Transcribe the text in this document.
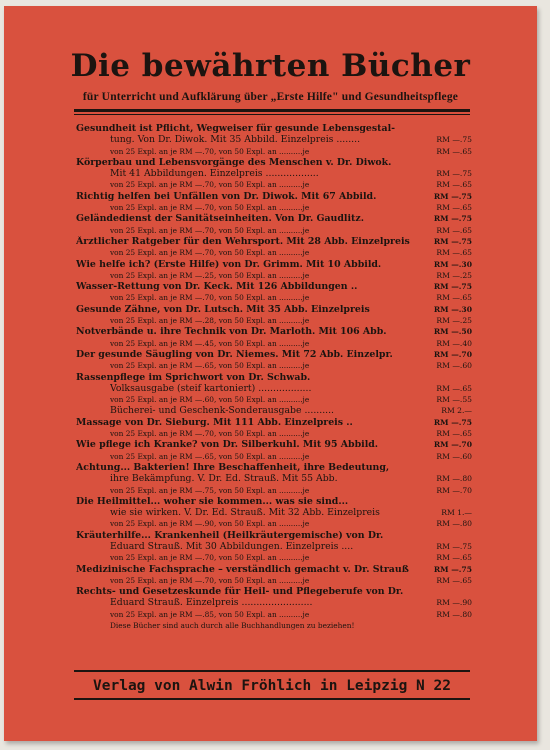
Die bewährten Bücher
für Unterricht und Aufklärung über „Erste Hilfe" und Gesundheitspflege
Gesundheit ist Pflicht, Wegweiser für gesunde Lebensgestal-
tung. Von Dr. Diwok. Mit 35 Abbild. Einzelpreis ........	RM —.75
von 25 Expl. an je RM —.70, von 50 Expl. an ..........je	RM —.65
Körperbau und Lebensvorgänge des Menschen v. Dr. Diwok.
Mit 41 Abbildungen. Einzelpreis ..................	RM —.75
von 25 Expl. an je RM —.70, von 50 Expl. an ..........je	RM —.65
Richtig helfen bei Unfällen von Dr. Diwok. Mit 67 Abbild.	RM —.75
von 25 Expl. an je RM —.70, von 50 Expl. an ..........je	RM —.65
Geländedienst der Sanitätseinheiten. Von Dr. Gaudlitz.	RM —.75
von 25 Expl. an je RM —.70, von 50 Expl. an ..........je	RM —.65
Ärztlicher Ratgeber für den Wehrsport. Mit 28 Abb. Einzelpreis	RM —.75
von 25 Expl. an je RM —.70, von 50 Expl. an ..........je	RM —.65
Wie helfe ich? (Erste Hilfe) von Dr. Grimm. Mit 10 Abbild.	RM —.30
von 25 Expl. an je RM —.25, von 50 Expl. an ..........je	RM —.25
Wasser-Rettung von Dr. Keck. Mit 126 Abbildungen ..	RM —.75
von 25 Expl. an je RM —.70, von 50 Expl. an ..........je	RM —.65
Gesunde Zähne, von Dr. Lutsch. Mit 35 Abb. Einzelpreis	RM —.30
von 25 Expl. an je RM —.28, von 50 Expl. an ..........je	RM —.25
Notverbände u. ihre Technik von Dr. Marloth. Mit 106 Abb.	RM —.50
von 25 Expl. an je RM —.45, von 50 Expl. an ..........je	RM —.40
Der gesunde Säugling von Dr. Niemes. Mit 72 Abb. Einzelpr.	RM —.70
von 25 Expl. an je RM —.65, von 50 Expl. an ..........je	RM —.60
Rassenpflege im Sprichwort von Dr. Schwab.
Volksausgabe (steif kartoniert) ..................	RM —.65
von 25 Expl. an je RM —.60, von 50 Expl. an ..........je	RM —.55
Bücherei- und Geschenk-Sonderausgabe ..........	RM 2.—
Massage von Dr. Sieburg. Mit 111 Abb. Einzelpreis ..	RM —.75
von 25 Expl. an je RM —.70, von 50 Expl. an ..........je	RM —.65
Wie pflege ich Kranke? von Dr. Silberkuhl. Mit 95 Abbild.	RM —.70
von 25 Expl. an je RM —.65, von 50 Expl. an ..........je	RM —.60
Achtung... Bakterien! Ihre Beschaffenheit, ihre Bedeutung,
ihre Bekämpfung. V. Dr. Ed. Strauß. Mit 55 Abb.	RM —.80
von 25 Expl. an je RM —.75, von 50 Expl. an ..........je	RM —.70
Die Heilmittel... woher sie kommen... was sie sind...
wie sie wirken. V. Dr. Ed. Strauß. Mit 32 Abb. Einzelpreis	RM 1.—
von 25 Expl. an je RM —.90, von 50 Expl. an ..........je	RM —.80
Kräuterhilfe... Krankenheil (Heilkräutergemische) von Dr.
Eduard Strauß. Mit 30 Abbildungen. Einzelpreis ....	RM —.75
von 25 Expl. an je RM —.70, von 50 Expl. an ..........je	RM —.65
Medizinische Fachsprache – verständlich gemacht v. Dr. Strauß	RM —.75
von 25 Expl. an je RM —.70, von 50 Expl. an ..........je	RM —.65
Rechts- und Gesetzeskunde für Heil- und Pflegeberufe von Dr.
Eduard Strauß. Einzelpreis ........................	RM —.90
von 25 Expl. an je RM —.85, von 50 Expl. an ..........je	RM —.80
Diese Bücher sind auch durch alle Buchhandlungen zu beziehen!
Verlag von Alwin Fröhlich in Leipzig N 22
